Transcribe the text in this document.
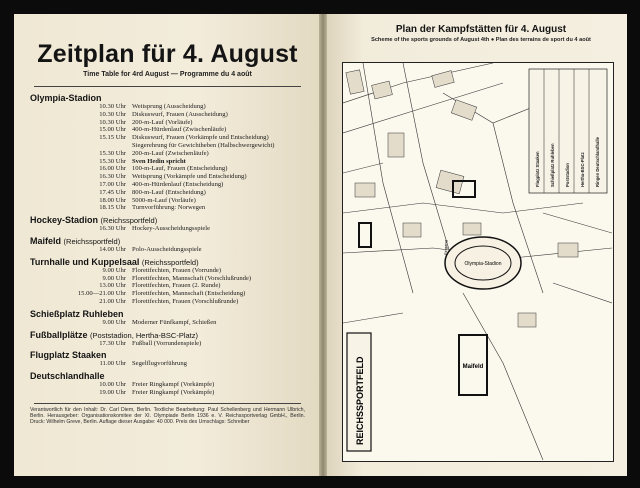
Zeitplan für 4. August
Time Table for 4rd August — Programme du 4 août
Olympia-Stadion
10.30 Uhr Weitsprung (Ausscheidung)
10.30 Uhr Diskuswurf, Frauen (Ausscheidung)
10.30 Uhr 200-m-Lauf (Vorläufe)
15.00 Uhr 400-m-Hürdenlauf (Zwischenläufe)
15.15 Uhr Diskuswurf, Frauen (Vorkämpfe und Entscheidung)
Siegerehrung für Gewichtheben (Halbschwergewicht)
15.30 Uhr 200-m-Lauf (Zwischenläufe)
15.30 Uhr Sven Hedin spricht
16.00 Uhr 100-m-Lauf, Frauen (Entscheidung)
16.30 Uhr Weitsprung (Vorkämpfe und Entscheidung)
17.00 Uhr 400-m-Hürdenlauf (Entscheidung)
17.45 Uhr 800-m-Lauf (Entscheidung)
18.00 Uhr 5000-m-Lauf (Vorläufe)
18.15 Uhr Turnvorführung: Norwegen
Hockey-Stadion (Reichssportfeld)
16.30 Uhr Hockey-Ausscheidungsspiele
Maifeld (Reichssportfeld)
14.00 Uhr Polo-Ausscheidungsspiele
Turnhalle und Kuppelsaal (Reichssportfeld)
9.00 Uhr Florettfechten, Frauen (Vorrunde)
9.00 Uhr Florettfechten, Mannschaft (Vorschlußrunde)
13.00 Uhr Florettfechten, Frauen (2. Runde)
15.00—21.00 Uhr Florettfechten, Mannschaft (Entscheidung)
21.00 Uhr Florettfechten, Frauen (Vorschlußrunde)
Schießplatz Ruhleben
9.00 Uhr Moderner Fünfkampf, Schießen
Fußballplätze (Poststadion, Hertha-BSC-Platz)
17.30 Uhr Fußball (Vorrundenspiele)
Flugplatz Staaken
11.00 Uhr Segelflugvorführung
Deutschlandhalle
10.00 Uhr Freier Ringkampf (Vorkämpfe)
19.00 Uhr Freier Ringkampf (Vorkämpfe)
Verantwortlich für den Inhalt: Dr. Carl Diem, Berlin. Textliche Bearbeitung: Paul Schellenberg und Hermann Ulbrich, Berlin. Herausgeber: Organisationskomitee der XI. Olympiade Berlin 1936 e. V. Reichssportverlag GmbH., Berlin. Druck: Wilhelm Greve, Berlin. Auflage dieser Ausgabe: 40 000. Preis des Umschlags: Schreiber
Plan der Kampfstätten für 4. August
Scheme of the sports grounds of August 4th ● Plan des terrains de sport du 4 août
Olympia-Stadion
Maifeld
REICHSSPORTFELD
Flugplatz Staaken Schießplatz Ruhleben Poststadion Hertha-BSC-Platz Ringen Deutschlandhalle
Eingang
